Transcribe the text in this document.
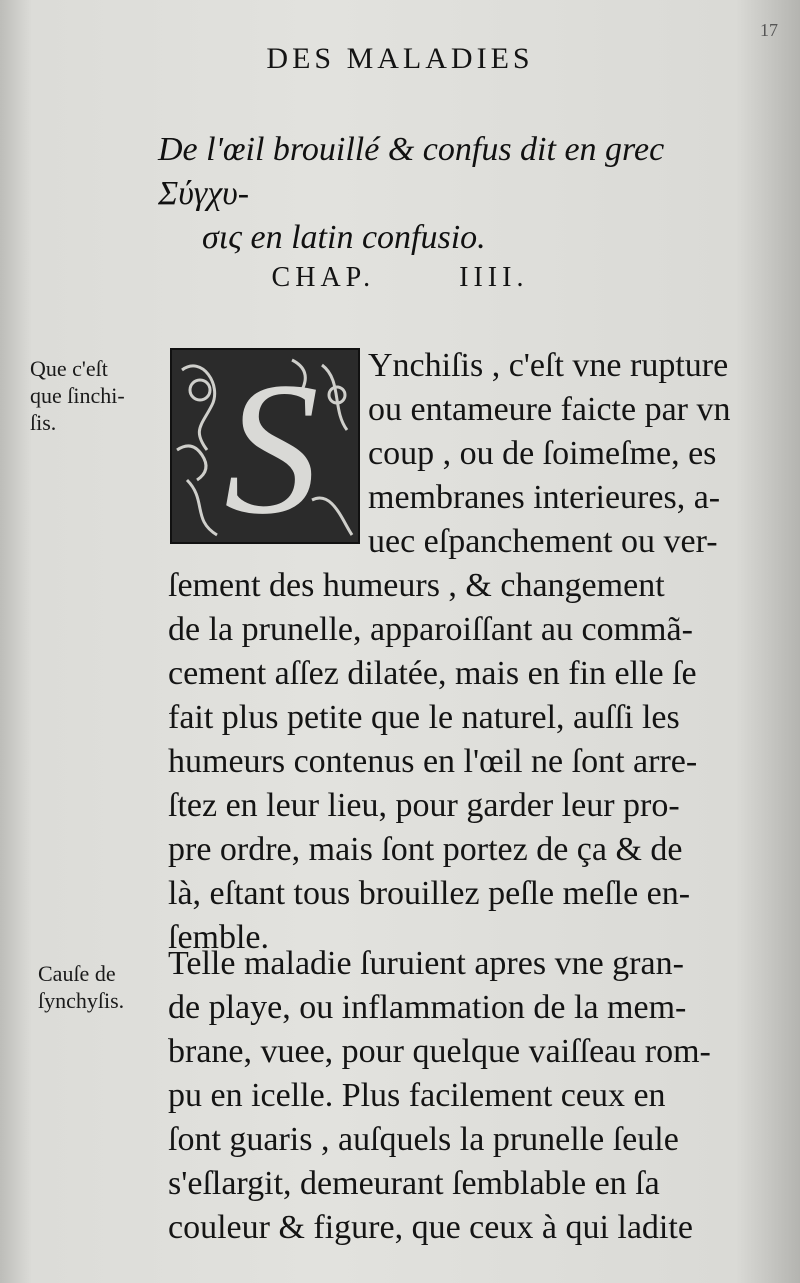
17
DES MALADIES
De l'œil brouillé & confus dit en grec Σύγχυ-
σις en latin confusio.
CHAP.	IIII.
Que c'eſt
que ſinchi-
ſis.
Cauſe de
ſynchyſis.
S	Ynchiſis , c'eſt vne rupture
ou entameure faicte par vn
coup , ou de ſoimeſme, es
membranes interieures, a-
uec eſpanchement ou ver-
ſement des humeurs , & changement
de la prunelle, apparoiſſant au commã-
cement aſſez dilatée, mais en fin elle ſe
fait plus petite que le naturel, auſſi les
humeurs contenus en l'œil ne ſont arre-
ſtez en leur lieu, pour garder leur pro-
pre ordre, mais ſont portez de ça & de
là, eſtant tous brouillez peſle meſle en-
ſemble.
Telle maladie ſuruient apres vne gran-
de playe, ou inflammation de la mem-
brane, vuee, pour quelque vaiſſeau rom-
pu en icelle. Plus facilement ceux en
ſont guaris , auſquels la prunelle ſeule
s'eſlargit, demeurant ſemblable en ſa
couleur & figure, que ceux à qui ladite
